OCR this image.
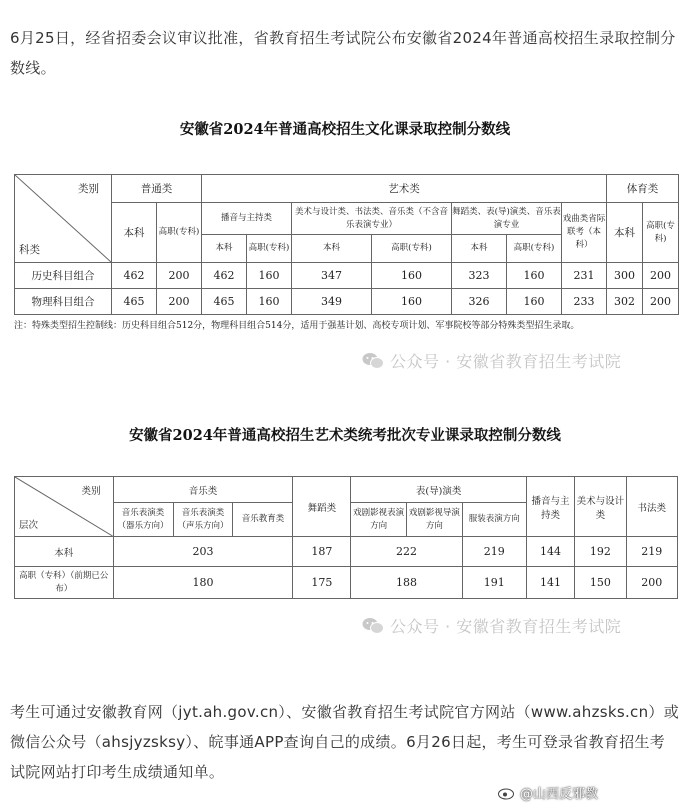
6月25日，经省招委会议审议批准，省教育招生考试院公布安徽省2024年普通高校招生录取控制分数线。

安徽省2024年普通高校招生文化课录取控制分数线
类别
科类	普通类		艺术类							体育类	
	本科	高职(专科)	播音与主持类		美术与设计类、书法类、音乐类（不含音乐表演专业）		舞蹈类、表(导)演类、音乐表演专业		戏曲类省际联考（本科）	本科	高职(专科)
			本科	高职(专科)	本科	高职(专科)	本科	高职(专科)			
历史科目组合	462	200	462	160	347	160	323	160	231	300	200
物理科目组合	465	200	465	160	349	160	326	160	233	302	200
注：特殊类型招生控制线：历史科目组合512分，物理科目组合514分，适用于强基计划、高校专项计划、军事院校等部分特殊类型招生录取。
公众号 · 安徽省教育招生考试院
安徽省2024年普通高校招生艺术类统考批次专业课录取控制分数线
类别
层次	音乐类			舞蹈类	表(导)演类			播音与主持类	美术与设计类	书法类
	音乐表演类（器乐方向）	音乐表演类（声乐方向）	音乐教育类		戏剧影视表演方向	戏剧影视导演方向	服装表演方向			
本科	203			187	222		219	144	192	219
高职（专科）（前期已公布）	180			175	188		191	141	150	200
公众号 · 安徽省教育招生考试院

考生可通过安徽教育网（jyt.ah.gov.cn）、安徽省教育招生考试院官方网站（www.ahzsks.cn）或微信公众号（ahsjyzsksy）、皖事通APP查询自己的成绩。6月26日起，考生可登录省教育招生考试院网站打印考生成绩通知单。

@山西反邪教
